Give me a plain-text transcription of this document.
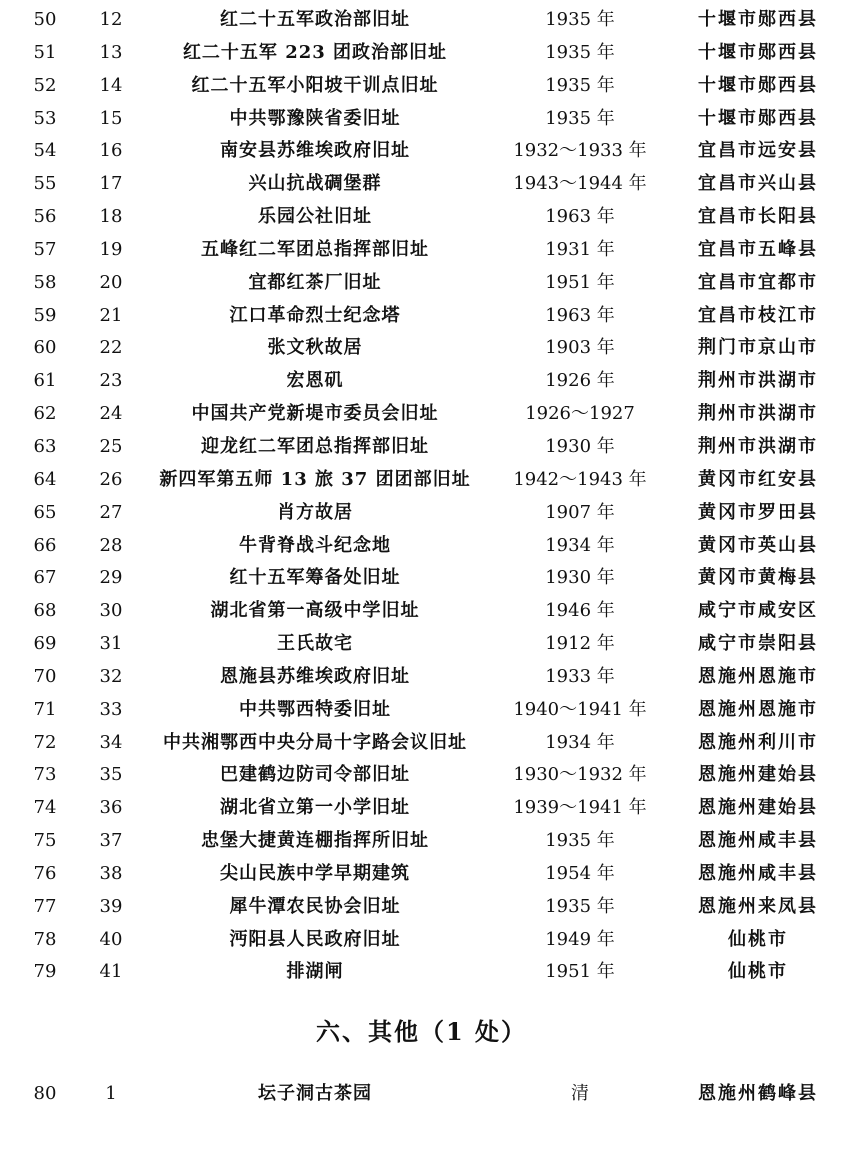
50	12	红二十五军政治部旧址	1935 年	十堰市郧西县
51	13	红二十五军 223 团政治部旧址	1935 年	十堰市郧西县
52	14	红二十五军小阳坡干训点旧址	1935 年	十堰市郧西县
53	15	中共鄂豫陕省委旧址	1935 年	十堰市郧西县
54	16	南安县苏维埃政府旧址	1932～1933 年	宜昌市远安县
55	17	兴山抗战碉堡群	1943～1944 年	宜昌市兴山县
56	18	乐园公社旧址	1963 年	宜昌市长阳县
57	19	五峰红二军团总指挥部旧址	1931 年	宜昌市五峰县
58	20	宜都红茶厂旧址	1951 年	宜昌市宜都市
59	21	江口革命烈士纪念塔	1963 年	宜昌市枝江市
60	22	张文秋故居	1903 年	荆门市京山市
61	23	宏恩矶	1926 年	荆州市洪湖市
62	24	中国共产党新堤市委员会旧址	1926～1927	荆州市洪湖市
63	25	迎龙红二军团总指挥部旧址	1930 年	荆州市洪湖市
64	26	新四军第五师 13 旅 37 团团部旧址	1942～1943 年	黄冈市红安县
65	27	肖方故居	1907 年	黄冈市罗田县
66	28	牛背脊战斗纪念地	1934 年	黄冈市英山县
67	29	红十五军筹备处旧址	1930 年	黄冈市黄梅县
68	30	湖北省第一高级中学旧址	1946 年	咸宁市咸安区
69	31	王氏故宅	1912 年	咸宁市崇阳县
70	32	恩施县苏维埃政府旧址	1933 年	恩施州恩施市
71	33	中共鄂西特委旧址	1940～1941 年	恩施州恩施市
72	34	中共湘鄂西中央分局十字路会议旧址	1934 年	恩施州利川市
73	35	巴建鹤边防司令部旧址	1930～1932 年	恩施州建始县
74	36	湖北省立第一小学旧址	1939～1941 年	恩施州建始县
75	37	忠堡大捷黄连棚指挥所旧址	1935 年	恩施州咸丰县
76	38	尖山民族中学早期建筑	1954 年	恩施州咸丰县
77	39	犀牛潭农民协会旧址	1935 年	恩施州来凤县
78	40	沔阳县人民政府旧址	1949 年	仙桃市
79	41	排湖闸	1951 年	仙桃市
六、其他（1 处）
80	1	坛子洞古茶园	清	恩施州鹤峰县
